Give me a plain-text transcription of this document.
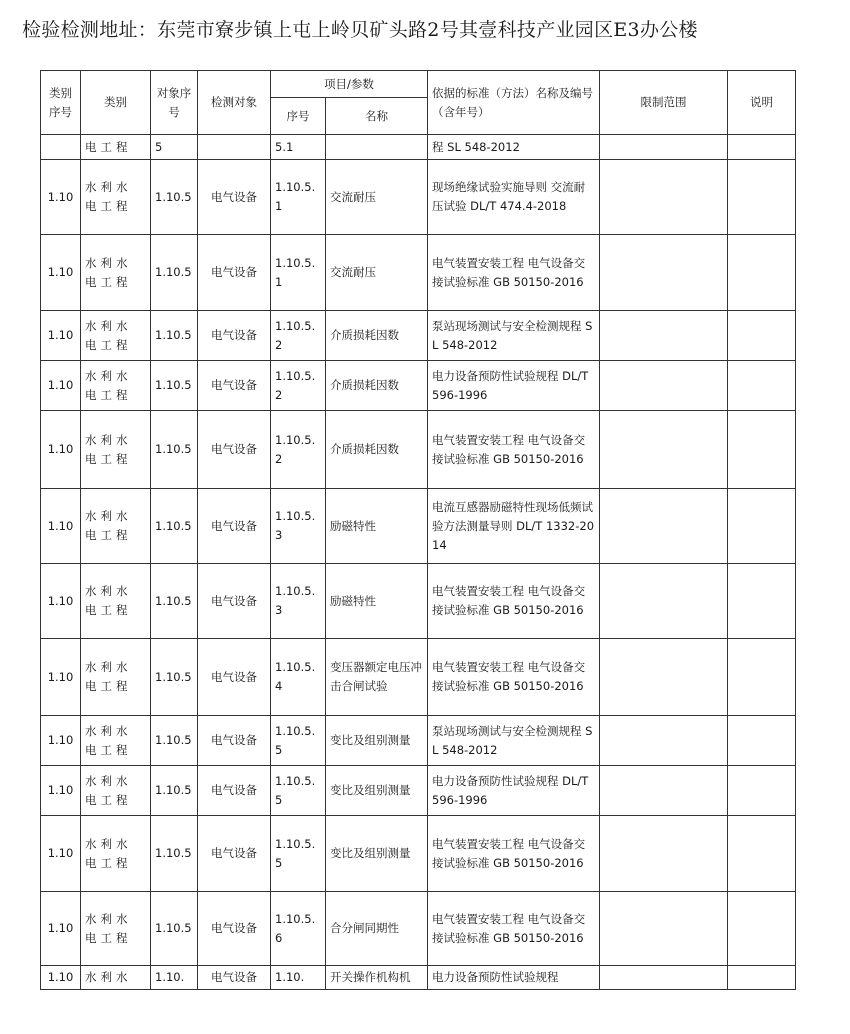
检验检测地址：东莞市寮步镇上屯上岭贝矿头路2号其壹科技产业园区E3办公楼
类别序号	类别	对象序号	检测对象	项目/参数		依据的标准（方法）名称及编号（含年号）	限制范围	说明
				序号	名称			
	电工程	5		5.1		程 SL 548-2012		
1.10	水利水电工程	1.10.5	电气设备	1.10.5.1	交流耐压	现场绝缘试验实施导则 交流耐压试验 DL/T 474.4-2018		
1.10	水利水电工程	1.10.5	电气设备	1.10.5.1	交流耐压	电气装置安装工程 电气设备交接试验标准 GB 50150-2016		
1.10	水利水电工程	1.10.5	电气设备	1.10.5.2	介质损耗因数	泵站现场测试与安全检测规程 SL 548-2012		
1.10	水利水电工程	1.10.5	电气设备	1.10.5.2	介质损耗因数	电力设备预防性试验规程 DL/T 596-1996		
1.10	水利水电工程	1.10.5	电气设备	1.10.5.2	介质损耗因数	电气装置安装工程 电气设备交接试验标准 GB 50150-2016		
1.10	水利水电工程	1.10.5	电气设备	1.10.5.3	励磁特性	电流互感器励磁特性现场低频试验方法测量导则 DL/T 1332-2014		
1.10	水利水电工程	1.10.5	电气设备	1.10.5.3	励磁特性	电气装置安装工程 电气设备交接试验标准 GB 50150-2016		
1.10	水利水电工程	1.10.5	电气设备	1.10.5.4	变压器额定电压冲击合闸试验	电气装置安装工程 电气设备交接试验标准 GB 50150-2016		
1.10	水利水电工程	1.10.5	电气设备	1.10.5.5	变比及组别测量	泵站现场测试与安全检测规程 SL 548-2012		
1.10	水利水电工程	1.10.5	电气设备	1.10.5.5	变比及组别测量	电力设备预防性试验规程 DL/T 596-1996		
1.10	水利水电工程	1.10.5	电气设备	1.10.5.5	变比及组别测量	电气装置安装工程 电气设备交接试验标准 GB 50150-2016		
1.10	水利水电工程	1.10.5	电气设备	1.10.5.6	合分闸同期性	电气装置安装工程 电气设备交接试验标准 GB 50150-2016		
1.10	水利水	1.10.	电气设备	1.10.	开关操作机构机	电力设备预防性试验规程		
